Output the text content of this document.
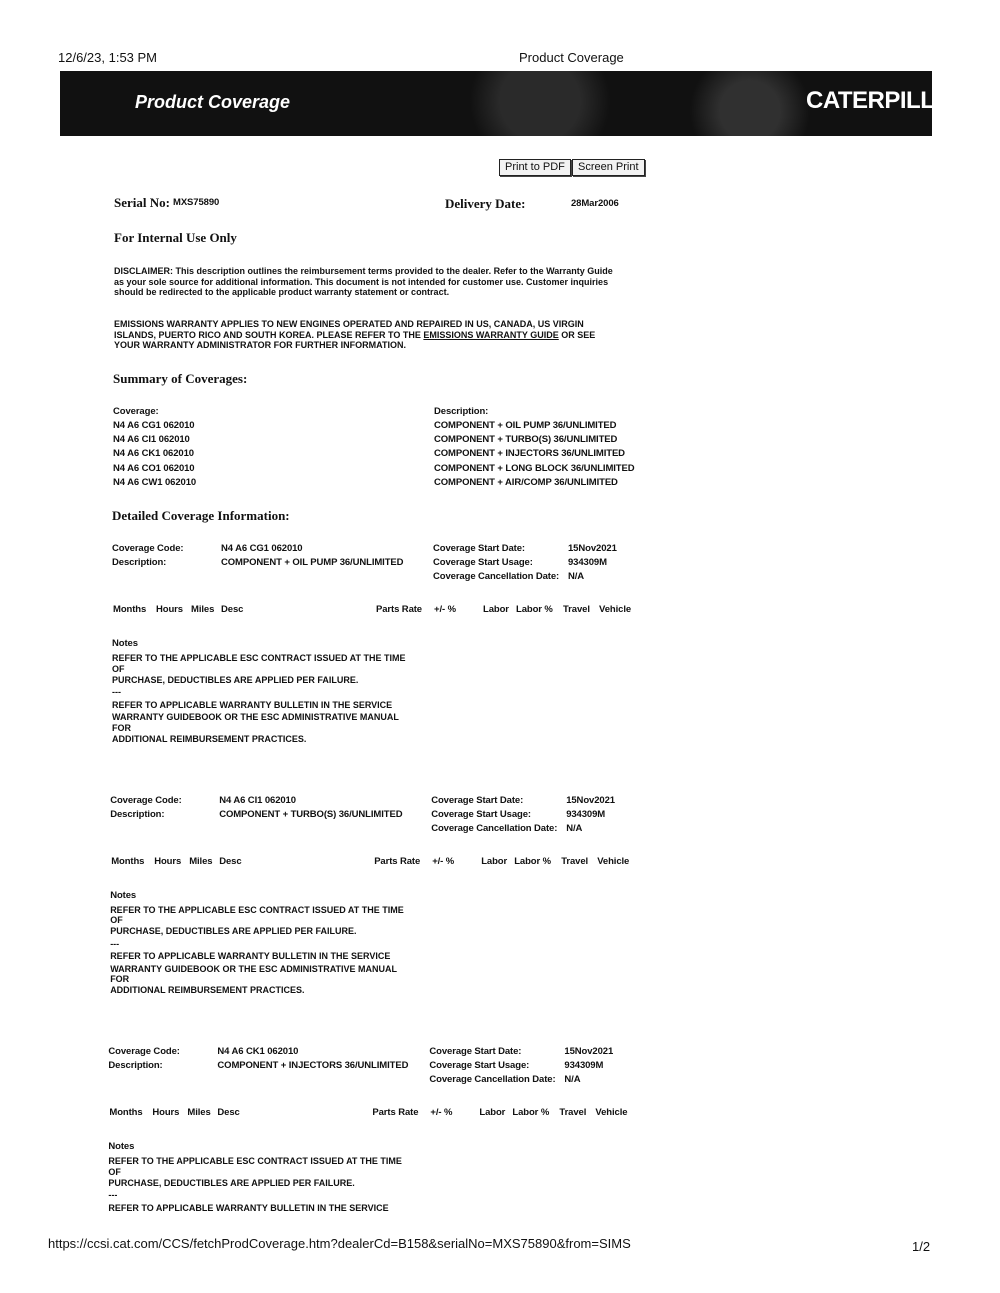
12/6/23, 1:53 PM	Product Coverage
Product Coverage	CATERPILLAR
Print to PDF	Screen Print
Serial No: MXS75890	Delivery Date:	28Mar2006
For Internal Use Only
DISCLAIMER: This description outlines the reimbursement terms provided to the dealer. Refer to the Warranty Guide
as your sole source for additional information. This document is not intended for customer use. Customer inquiries
should be redirected to the applicable product warranty statement or contract.
EMISSIONS WARRANTY APPLIES TO NEW ENGINES OPERATED AND REPAIRED IN US, CANADA, US VIRGIN
ISLANDS, PUERTO RICO AND SOUTH KOREA. PLEASE REFER TO THE EMISSIONS WARRANTY GUIDE OR SEE
YOUR WARRANTY ADMINISTRATOR FOR FURTHER INFORMATION.
Summary of Coverages:
Coverage:	Description:
N4 A6 CG1 062010	COMPONENT + OIL PUMP 36/UNLIMITED
N4 A6 CI1 062010	COMPONENT + TURBO(S) 36/UNLIMITED
N4 A6 CK1 062010	COMPONENT + INJECTORS 36/UNLIMITED
N4 A6 CO1 062010	COMPONENT + LONG BLOCK 36/UNLIMITED
N4 A6 CW1 062010	COMPONENT + AIR/COMP 36/UNLIMITED
Detailed Coverage Information:
Coverage Code:	N4 A6 CG1 062010
Description:	COMPONENT + OIL PUMP 36/UNLIMITED
Coverage Start Date:	15Nov2021
Coverage Start Usage:	934309M
Coverage Cancellation Date: N/A
Months Hours Miles Desc	Parts Rate +/- %	Labor Labor % Travel Vehicle
Notes
REFER TO THE APPLICABLE ESC CONTRACT ISSUED AT THE TIME
OF
PURCHASE, DEDUCTIBLES ARE APPLIED PER FAILURE.
---
REFER TO APPLICABLE WARRANTY BULLETIN IN THE SERVICE
WARRANTY GUIDEBOOK OR THE ESC ADMINISTRATIVE MANUAL
FOR
ADDITIONAL REIMBURSEMENT PRACTICES.
Coverage Code:	N4 A6 CI1 062010
Description:	COMPONENT + TURBO(S) 36/UNLIMITED
Coverage Start Date:	15Nov2021
Coverage Start Usage:	934309M
Coverage Cancellation Date: N/A
Months Hours Miles Desc	Parts Rate +/- %	Labor Labor % Travel Vehicle
Notes
REFER TO THE APPLICABLE ESC CONTRACT ISSUED AT THE TIME
OF
PURCHASE, DEDUCTIBLES ARE APPLIED PER FAILURE.
---
REFER TO APPLICABLE WARRANTY BULLETIN IN THE SERVICE
WARRANTY GUIDEBOOK OR THE ESC ADMINISTRATIVE MANUAL
FOR
ADDITIONAL REIMBURSEMENT PRACTICES.
Coverage Code:	N4 A6 CK1 062010
Description:	COMPONENT + INJECTORS 36/UNLIMITED
Coverage Start Date:	15Nov2021
Coverage Start Usage:	934309M
Coverage Cancellation Date: N/A
Months Hours Miles Desc	Parts Rate +/- %	Labor Labor % Travel Vehicle
Notes
REFER TO THE APPLICABLE ESC CONTRACT ISSUED AT THE TIME
OF
PURCHASE, DEDUCTIBLES ARE APPLIED PER FAILURE.
---
REFER TO APPLICABLE WARRANTY BULLETIN IN THE SERVICE
https://ccsi.cat.com/CCS/fetchProdCoverage.htm?dealerCd=B158&serialNo=MXS75890&from=SIMS	1/2
